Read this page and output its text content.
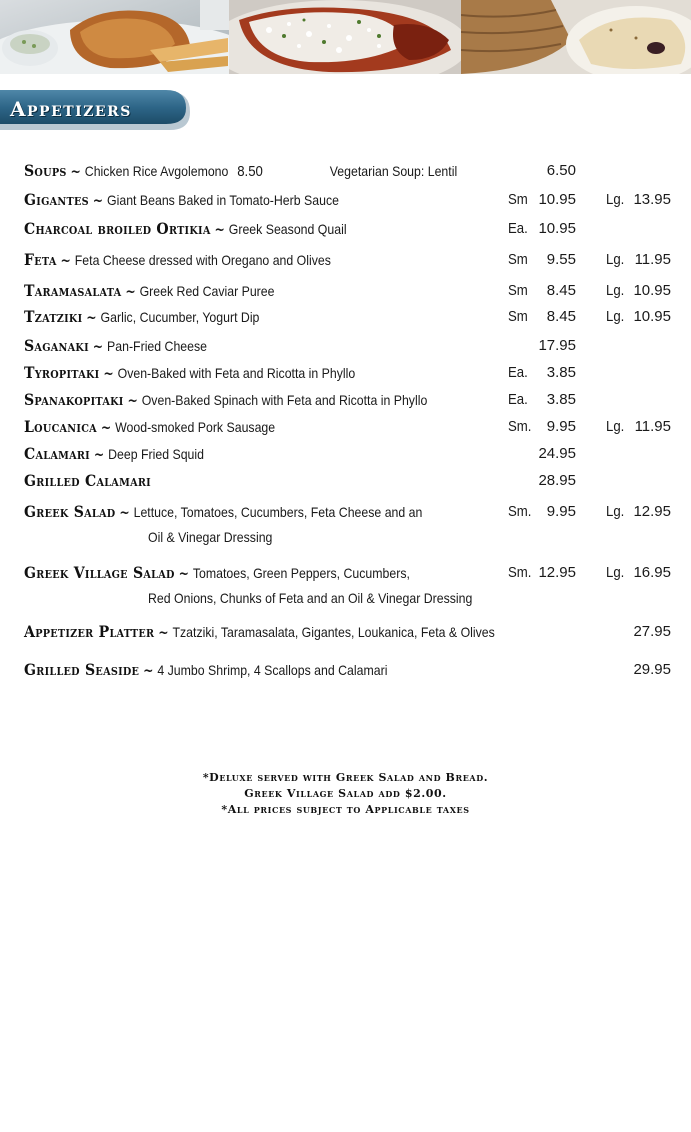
Appetizers
Soups ~ Chicken Rice Avgolemono 8.50	Vegetarian Soup: Lentil	6.50
Gigantes ~ Giant Beans Baked in Tomato-Herb Sauce	Sm 10.95 Lg. 13.95
Charcoal broiled Ortikia ~ Greek Seasond Quail	Ea. 10.95
Feta ~ Feta Cheese dressed with Oregano and Olives	Sm 9.55 Lg. 11.95
Taramasalata ~ Greek Red Caviar Puree	Sm 8.45 Lg. 10.95
Tzatziki ~ Garlic, Cucumber, Yogurt Dip	Sm 8.45 Lg. 10.95
Saganaki ~ Pan-Fried Cheese	17.95
Tyropitaki ~ Oven-Baked with Feta and Ricotta in Phyllo	Ea. 3.85
Spanakopitaki ~ Oven-Baked Spinach with Feta and Ricotta in Phyllo	Ea. 3.85
Loucanica ~ Wood-smoked Pork Sausage	Sm. 9.95 Lg. 11.95
Calamari ~ Deep Fried Squid	24.95
Grilled Calamari	28.95
Greek Salad ~ Lettuce, Tomatoes, Cucumbers, Feta Cheese and an	Sm. 9.95 Lg. 12.95
Oil & Vinegar Dressing
Greek Village Salad ~ Tomatoes, Green Peppers, Cucumbers,	Sm. 12.95 Lg. 16.95
Red Onions, Chunks of Feta and an Oil & Vinegar Dressing
Appetizer Platter ~ Tzatziki, Taramasalata, Gigantes, Loukanica, Feta & Olives	27.95
Grilled Seaside ~ 4 Jumbo Shrimp, 4 Scallops and Calamari	29.95
*Deluxe served with Greek Salad and Bread.
Greek Village Salad add $2.00.
*All prices subject to Applicable taxes
